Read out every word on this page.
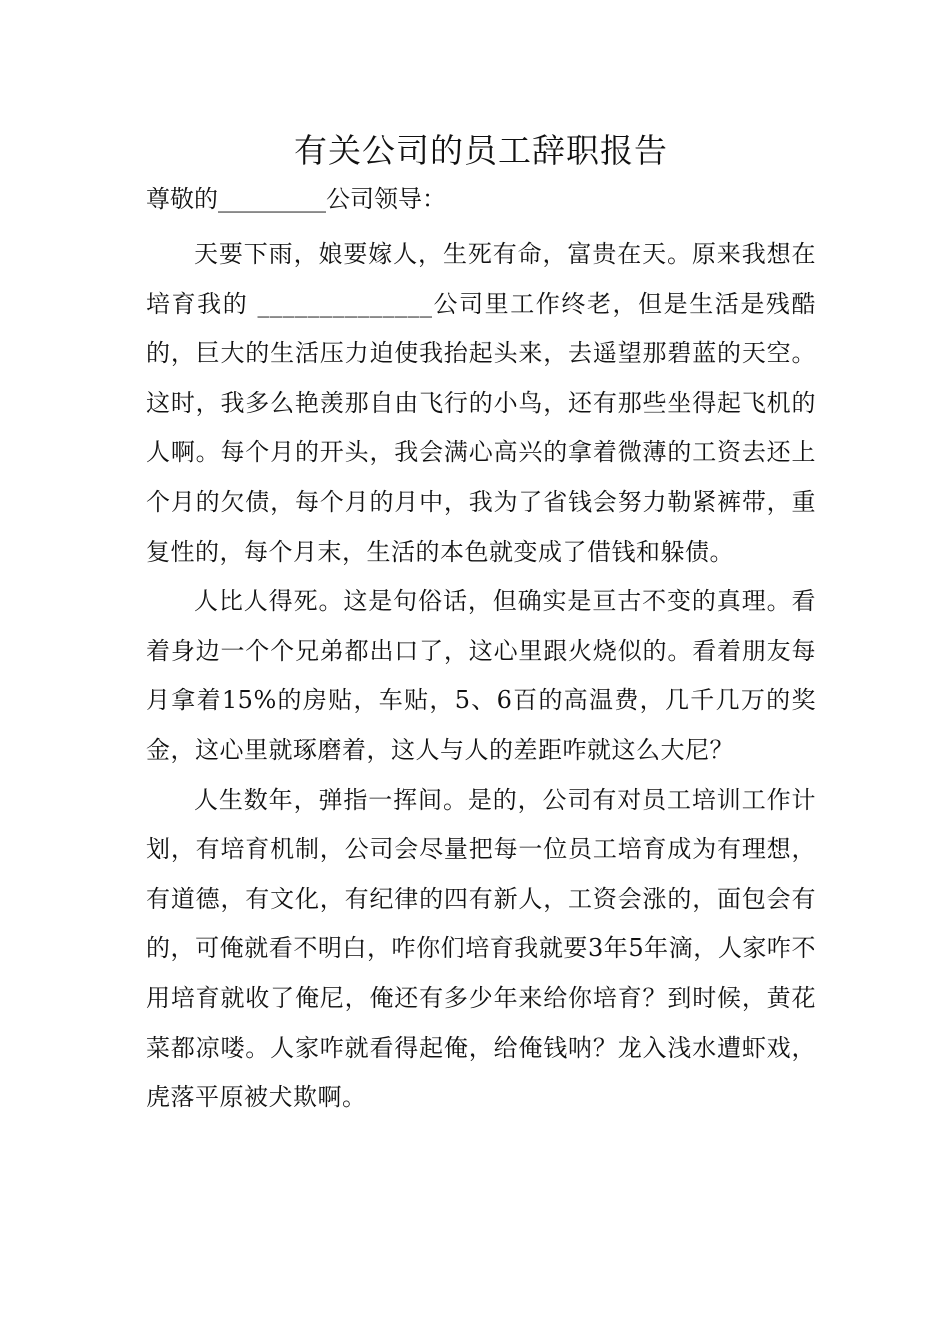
有关公司的员工辞职报告

尊敬的_________公司领导：

天要下雨，娘要嫁人，生死有命，富贵在天。原来我想在培育我的 ______________公司里工作终老，但是生活是残酷的，巨大的生活压力迫使我抬起头来，去遥望那碧蓝的天空。这时，我多么艳羡那自由飞行的小鸟，还有那些坐得起飞机的人啊。每个月的开头，我会满心高兴的拿着微薄的工资去还上个月的欠债，每个月的月中，我为了省钱会努力勒紧裤带，重复性的，每个月末，生活的本色就变成了借钱和躲债。

人比人得死。这是句俗话，但确实是亘古不变的真理。看着身边一个个兄弟都出口了，这心里跟火烧似的。看着朋友每月拿着15%的房贴，车贴，5、6百的高温费，几千几万的奖金，这心里就琢磨着，这人与人的差距咋就这么大尼？

人生数年，弹指一挥间。是的，公司有对员工培训工作计划，有培育机制，公司会尽量把每一位员工培育成为有理想，有道德，有文化，有纪律的四有新人，工资会涨的，面包会有的，可俺就看不明白，咋你们培育我就要3年5年滴，人家咋不用培育就收了俺尼，俺还有多少年来给你培育？到时候，黄花菜都凉喽。人家咋就看得起俺，给俺钱呐？龙入浅水遭虾戏，虎落平原被犬欺啊。
